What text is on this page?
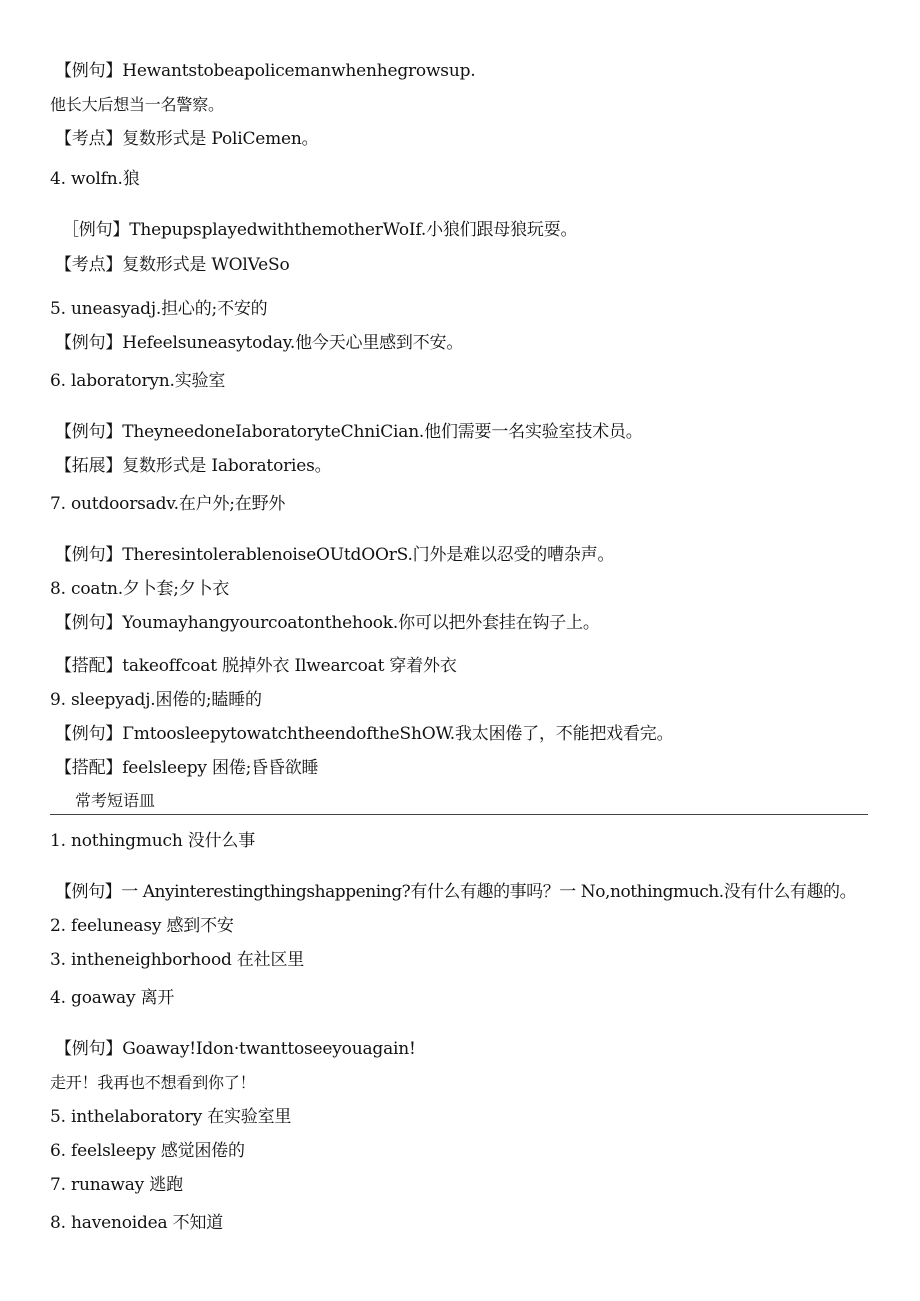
【例句】Hewantstobeapolicemanwhenhegrowsup.
他长大后想当一名警察。
【考点】复数形式是 PoliCemen。
4. wolfn.狼
［例句】ThepupsplayedwiththemotherWoIf.小狼们跟母狼玩耍。
【考点】复数形式是 WOlVeSo
5. uneasyadj.担心的;不安的
【例句】Hefeelsuneasytoday.他今天心里感到不安。
6. laboratoryn.实验室
【例句】TheyneedoneIaboratoryteChniCian.他们需要一名实验室技术员。
【拓展】复数形式是 Iaboratories。
7. outdoorsadv.在户外;在野外
【例句】TheresintolerablenoiseOUtdOOrS.门外是难以忍受的嘈杂声。
8. coatn.夕卜套;夕卜衣
【例句】Youmayhangyourcoatonthehook.你可以把外套挂在钩子上。
【搭配】takeoffcoat 脱掉外衣 Ilwearcoat 穿着外衣
9. sleepyadj.困倦的;瞌睡的
【例句】ΓmtoosleepytowatchtheendoftheShOW.我太困倦了，不能把戏看完。
【搭配】feelsleepy 困倦;昏昏欲睡
常考短语皿
1. nothingmuch 没什么事
【例句】一 Anyinterestingthingshappening?有什么有趣的事吗？一 No,nothingmuch.没有什么有趣的。
2. feeluneasy 感到不安
3. intheneighborhood 在社区里
4. goaway 离开
【例句】Goaway!Idon·twanttoseeyouagain!
走开！我再也不想看到你了！
5. inthelaboratory 在实验室里
6. feelsleepy 感觉困倦的
7. runaway 逃跑
8. havenoidea 不知道
